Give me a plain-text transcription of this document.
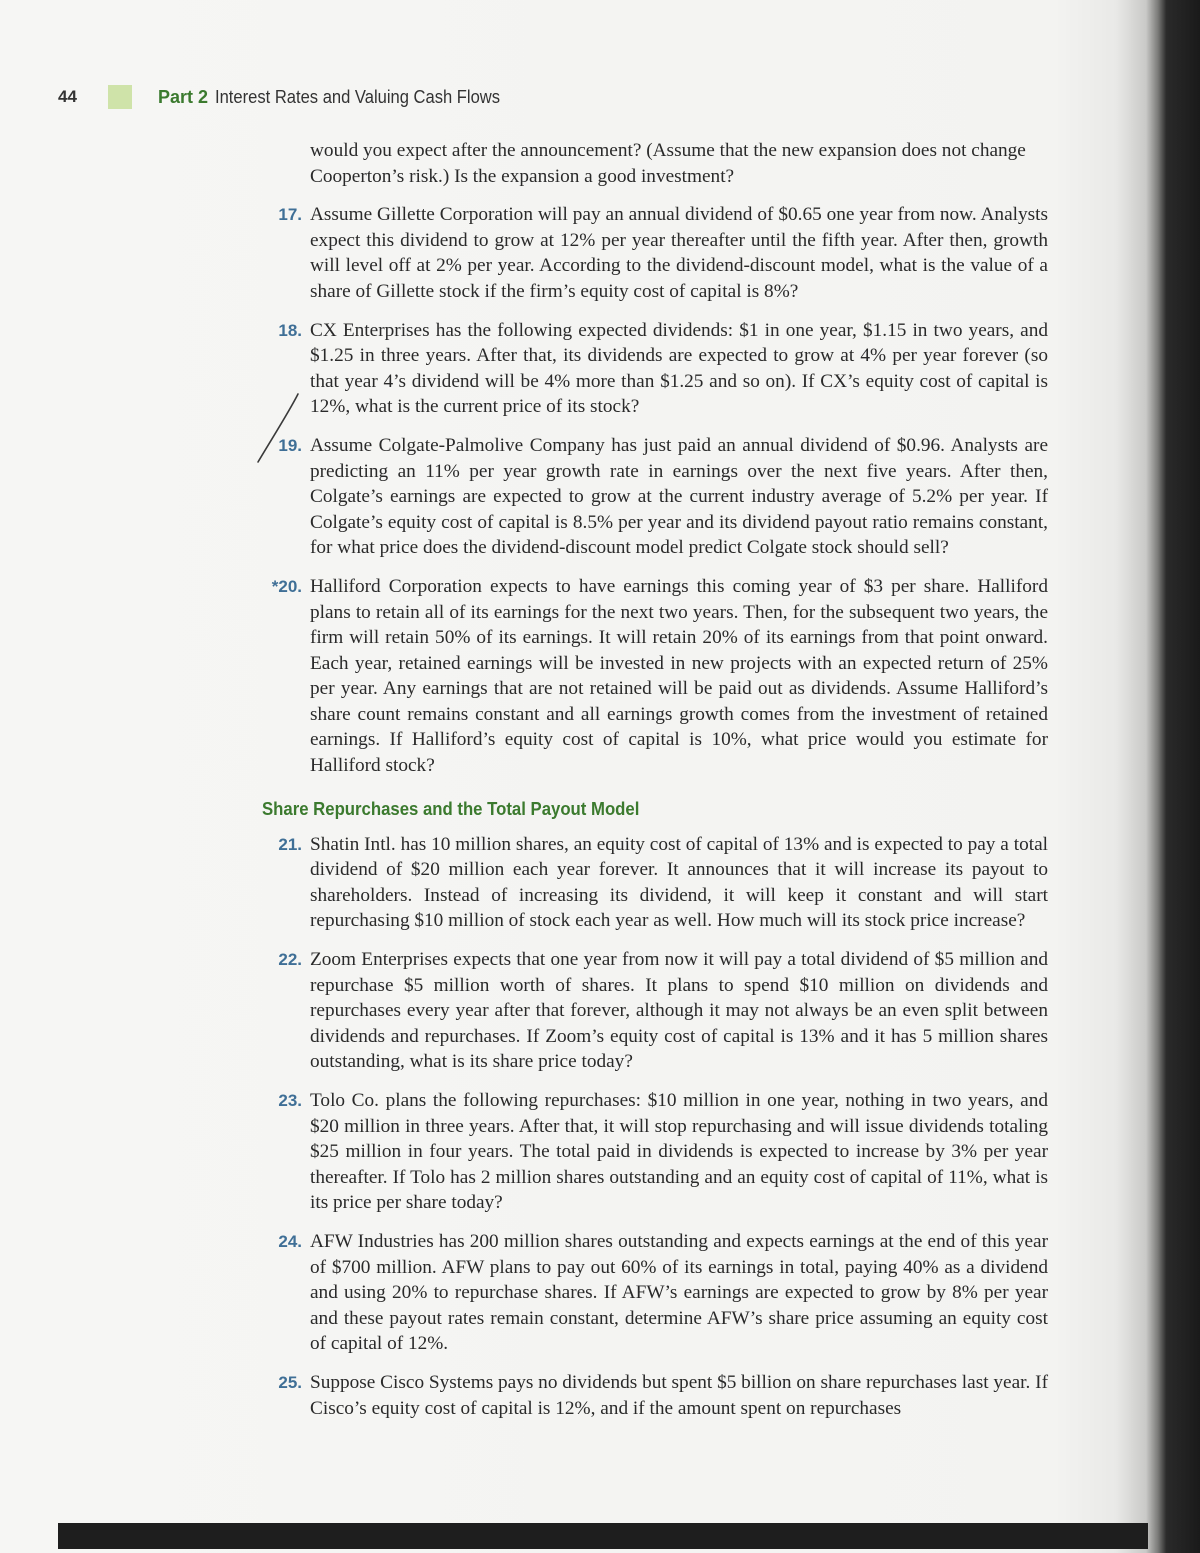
44	Part 2 Interest Rates and Valuing Cash Flows
would you expect after the announcement? (Assume that the new expansion does not change Cooperton’s risk.) Is the expansion a good investment?
17. Assume Gillette Corporation will pay an annual dividend of $0.65 one year from now. Analysts expect this dividend to grow at 12% per year thereafter until the fifth year. After then, growth will level off at 2% per year. According to the dividend-discount model, what is the value of a share of Gillette stock if the firm’s equity cost of capital is 8%?
18. CX Enterprises has the following expected dividends: $1 in one year, $1.15 in two years, and $1.25 in three years. After that, its dividends are expected to grow at 4% per year forever (so that year 4’s dividend will be 4% more than $1.25 and so on). If CX’s equity cost of capital is 12%, what is the current price of its stock?
19. Assume Colgate-Palmolive Company has just paid an annual dividend of $0.96. Analysts are predicting an 11% per year growth rate in earnings over the next five years. After then, Colgate’s earnings are expected to grow at the current industry average of 5.2% per year. If Colgate’s equity cost of capital is 8.5% per year and its dividend payout ratio remains constant, for what price does the dividend-discount model predict Colgate stock should sell?
*20. Halliford Corporation expects to have earnings this coming year of $3 per share. Halliford plans to retain all of its earnings for the next two years. Then, for the subsequent two years, the firm will retain 50% of its earnings. It will retain 20% of its earnings from that point onward. Each year, retained earnings will be invested in new projects with an expected return of 25% per year. Any earnings that are not retained will be paid out as dividends. Assume Halliford’s share count remains constant and all earnings growth comes from the investment of retained earnings. If Halliford’s equity cost of capital is 10%, what price would you estimate for Halliford stock?
Share Repurchases and the Total Payout Model
21. Shatin Intl. has 10 million shares, an equity cost of capital of 13% and is expected to pay a total dividend of $20 million each year forever. It announces that it will increase its payout to shareholders. Instead of increasing its dividend, it will keep it constant and will start repurchasing $10 million of stock each year as well. How much will its stock price increase?
22. Zoom Enterprises expects that one year from now it will pay a total dividend of $5 million and repurchase $5 million worth of shares. It plans to spend $10 million on dividends and repurchases every year after that forever, although it may not always be an even split between dividends and repurchases. If Zoom’s equity cost of capital is 13% and it has 5 million shares outstanding, what is its share price today?
23. Tolo Co. plans the following repurchases: $10 million in one year, nothing in two years, and $20 million in three years. After that, it will stop repurchasing and will issue dividends totaling $25 million in four years. The total paid in dividends is expected to increase by 3% per year thereafter. If Tolo has 2 million shares outstanding and an equity cost of capital of 11%, what is its price per share today?
24. AFW Industries has 200 million shares outstanding and expects earnings at the end of this year of $700 million. AFW plans to pay out 60% of its earnings in total, paying 40% as a dividend and using 20% to repurchase shares. If AFW’s earnings are expected to grow by 8% per year and these payout rates remain constant, determine AFW’s share price assuming an equity cost of capital of 12%.
25. Suppose Cisco Systems pays no dividends but spent $5 billion on share repurchases last year. If Cisco’s equity cost of capital is 12%, and if the amount spent on repurchases
